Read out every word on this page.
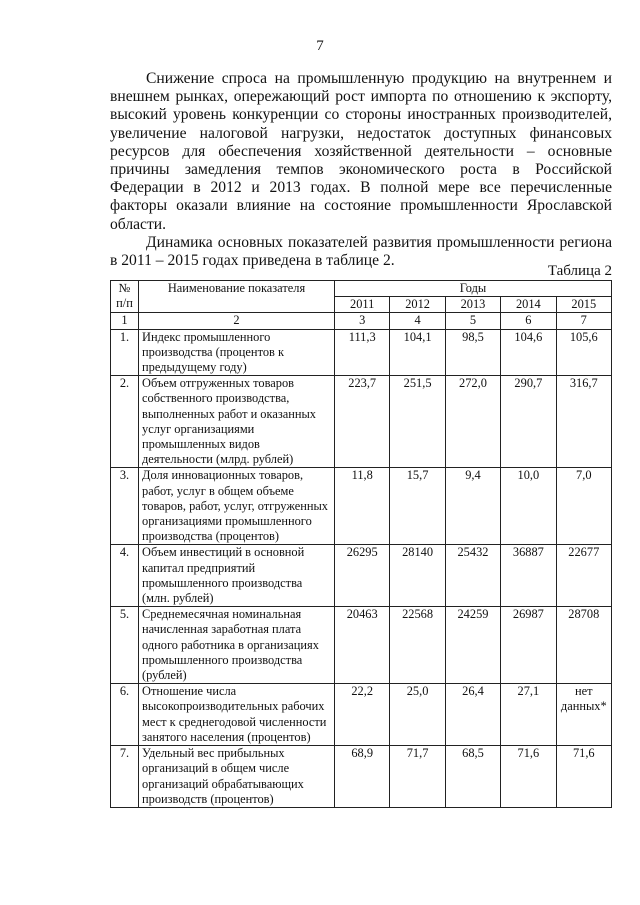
7

Снижение спроса на промышленную продукцию на внутреннем и внешнем рынках, опережающий рост импорта по отношению к экспорту, высокий уровень конкуренции со стороны иностранных производителей, увеличение налоговой нагрузки, недостаток доступных финансовых ресурсов для обеспечения хозяйственной деятельности – основные причины замедления темпов экономического роста в Российской Федерации в 2012 и 2013 годах. В полной мере все перечисленные факторы оказали влияние на состояние промышленности Ярославской области.

Динамика основных показателей развития промышленности региона в 2011 – 2015 годах приведена в таблице 2.

Таблица 2
№ п/п	Наименование показателя	Годы				
		2011	2012	2013	2014	2015
1	2	3	4	5	6	7
1.	Индекс промышленного производства (процентов к предыдущему году)	111,3	104,1	98,5	104,6	105,6
2.	Объем отгруженных товаров собственного производства, выполненных работ и оказанных услуг организациями промышленных видов деятельности (млрд. рублей)	223,7	251,5	272,0	290,7	316,7
3.	Доля инновационных товаров, работ, услуг в общем объеме товаров, работ, услуг, отгруженных организациями промышленного производства (процентов)	11,8	15,7	9,4	10,0	7,0
4.	Объем инвестиций в основной капитал предприятий промышленного производства (млн. рублей)	26295	28140	25432	36887	22677
5.	Среднемесячная номинальная начисленная заработная плата одного работника в организациях промышленного производства (рублей)	20463	22568	24259	26987	28708
6.	Отношение числа высокопроизводительных рабочих мест к среднегодовой численности занятого населения (процентов)	22,2	25,0	26,4	27,1	нет данных*
7.	Удельный вес прибыльных организаций в общем числе организаций обрабатывающих производств (процентов)	68,9	71,7	68,5	71,6	71,6
